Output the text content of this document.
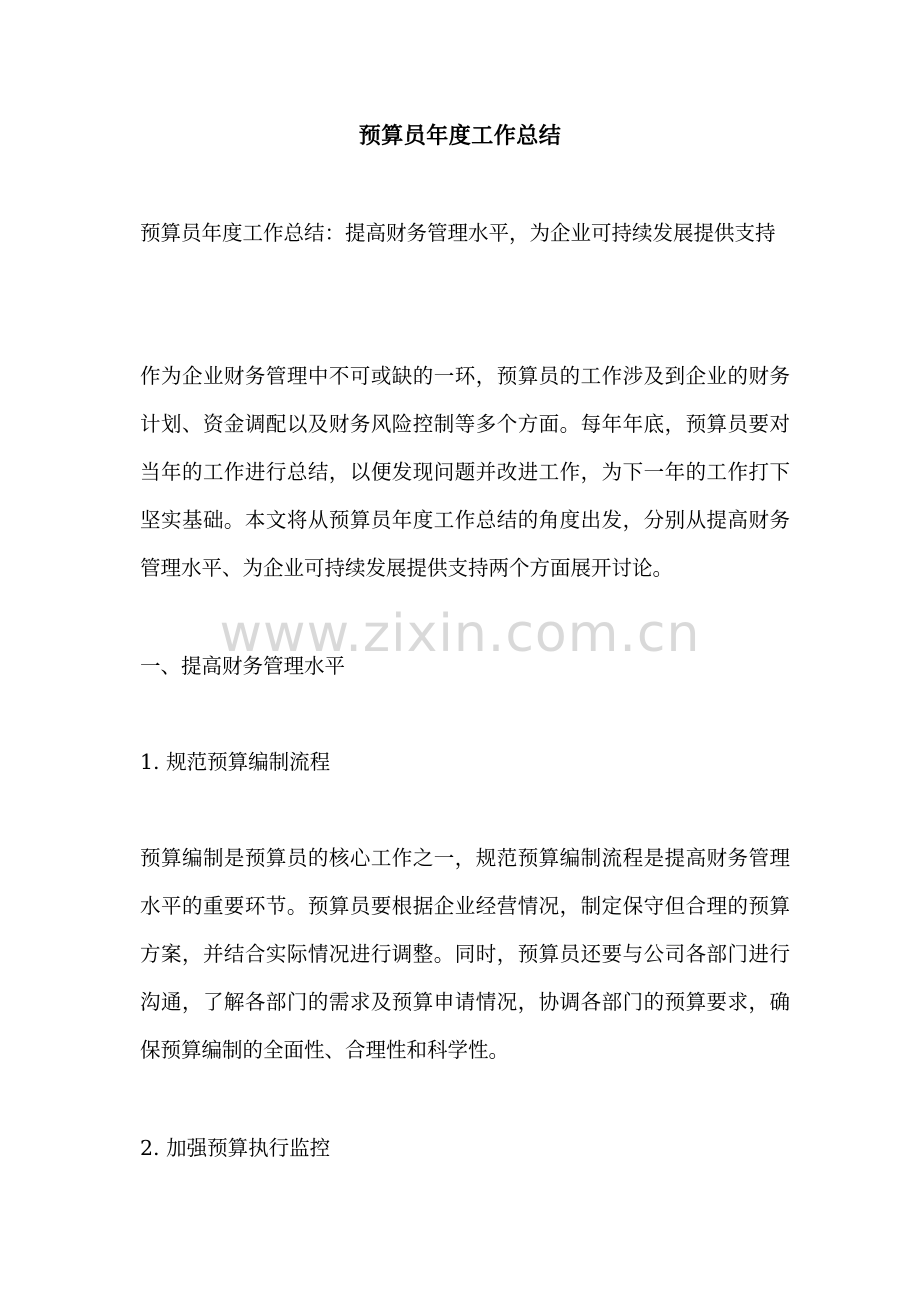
预算员年度工作总结
预算员年度工作总结：提高财务管理水平，为企业可持续发展提供支持
作为企业财务管理中不可或缺的一环，预算员的工作涉及到企业的财务计划、资金调配以及财务风险控制等多个方面。每年年底，预算员要对当年的工作进行总结，以便发现问题并改进工作，为下一年的工作打下坚实基础。本文将从预算员年度工作总结的角度出发，分别从提高财务管理水平、为企业可持续发展提供支持两个方面展开讨论。
www.zixin.com.cn
一、提高财务管理水平
1. 规范预算编制流程
预算编制是预算员的核心工作之一，规范预算编制流程是提高财务管理水平的重要环节。预算员要根据企业经营情况，制定保守但合理的预算方案，并结合实际情况进行调整。同时，预算员还要与公司各部门进行沟通，了解各部门的需求及预算申请情况，协调各部门的预算要求，确保预算编制的全面性、合理性和科学性。
2. 加强预算执行监控
